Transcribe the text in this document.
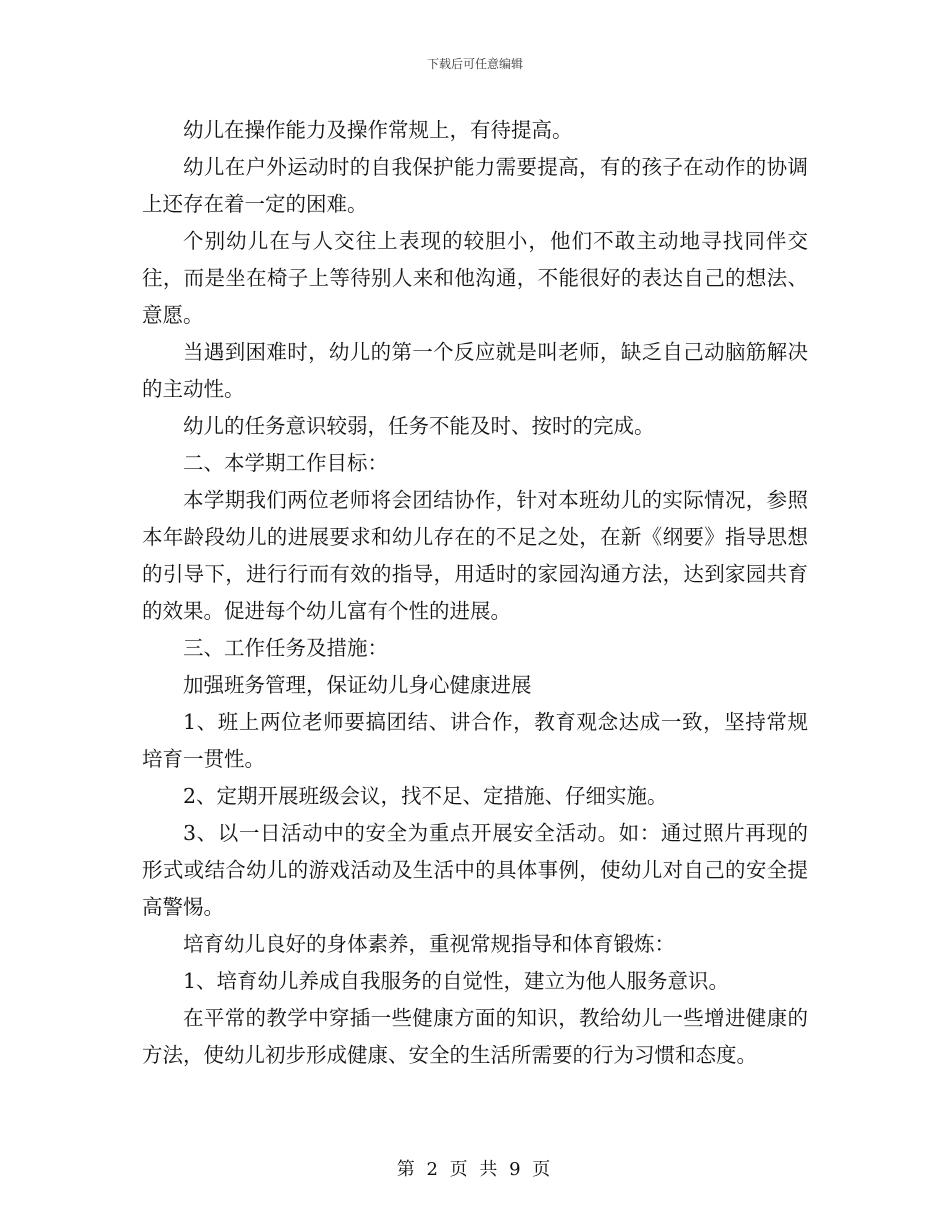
下载后可任意编辑

幼儿在操作能力及操作常规上，有待提高。

幼儿在户外运动时的自我保护能力需要提高，有的孩子在动作的协调上还存在着一定的困难。

个别幼儿在与人交往上表现的较胆小，他们不敢主动地寻找同伴交往，而是坐在椅子上等待别人来和他沟通，不能很好的表达自己的想法、意愿。

当遇到困难时，幼儿的第一个反应就是叫老师，缺乏自己动脑筋解决的主动性。

幼儿的任务意识较弱，任务不能及时、按时的完成。

二、本学期工作目标：

本学期我们两位老师将会团结协作，针对本班幼儿的实际情况，参照本年龄段幼儿的进展要求和幼儿存在的不足之处，在新《纲要》指导思想的引导下，进行行而有效的指导，用适时的家园沟通方法，达到家园共育的效果。促进每个幼儿富有个性的进展。

三、工作任务及措施：

加强班务管理，保证幼儿身心健康进展

1、班上两位老师要搞团结、讲合作，教育观念达成一致，坚持常规培育一贯性。

2、定期开展班级会议，找不足、定措施、仔细实施。

3、以一日活动中的安全为重点开展安全活动。如：通过照片再现的形式或结合幼儿的游戏活动及生活中的具体事例，使幼儿对自己的安全提高警惕。

培育幼儿良好的身体素养，重视常规指导和体育锻炼：

1、培育幼儿养成自我服务的自觉性，建立为他人服务意识。

在平常的教学中穿插一些健康方面的知识，教给幼儿一些增进健康的方法，使幼儿初步形成健康、安全的生活所需要的行为习惯和态度。

第 2 页 共 9 页
